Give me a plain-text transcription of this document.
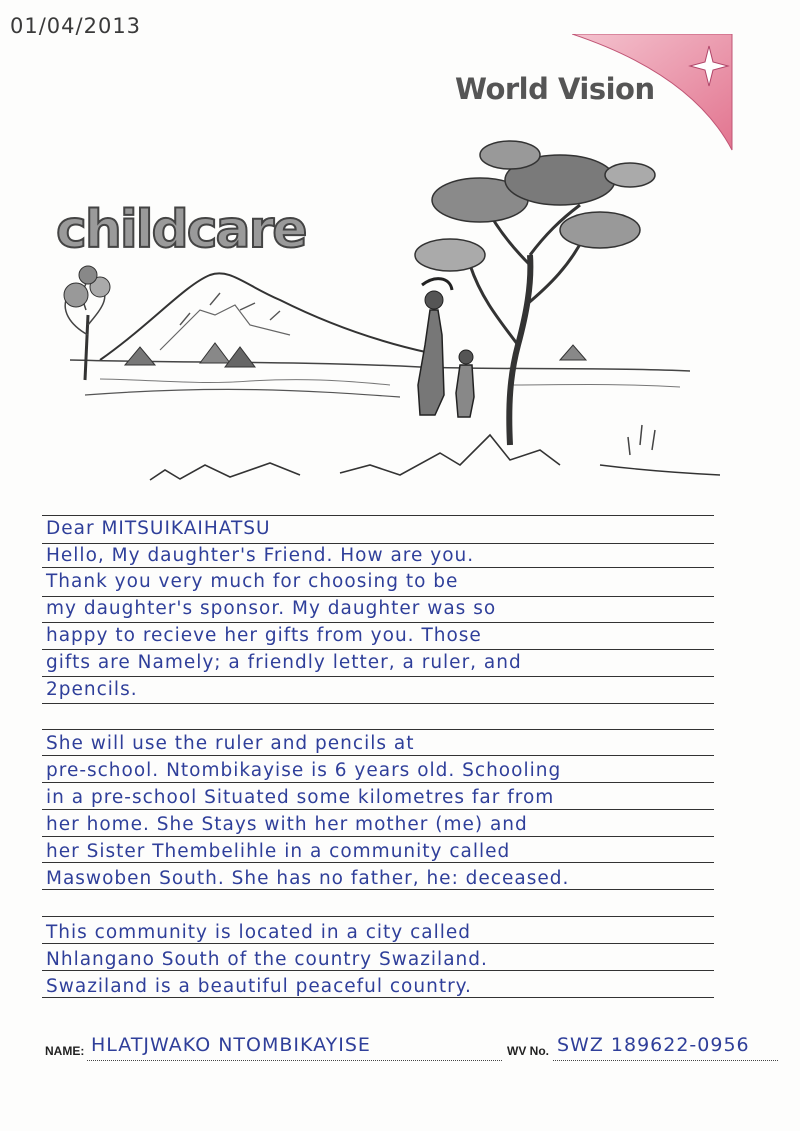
01/04/2013
World Vision
childcare
Dear MITSUIKAIHATSU
Hello, My daughter's Friend. How are you.
Thank you very much for choosing to be
my daughter's sponsor. My daughter was so
happy to recieve her gifts from you. Those
gifts are Namely; a friendly letter, a ruler, and
2pencils.
She will use the ruler and pencils at
pre-school. Ntombikayise is 6 years old. Schooling
in a pre-school Situated some kilometres far from
her home. She Stays with her mother (me) and
her Sister Thembelihle in a community called
Maswoben South. She has no father, he: deceased.
This community is located in a city called
Nhlangano South of the country Swaziland.
Swaziland is a beautiful peaceful country.
NAME: HLATJWAKO NTOMBIKAYISE	WV No. SWZ 189622-0956
